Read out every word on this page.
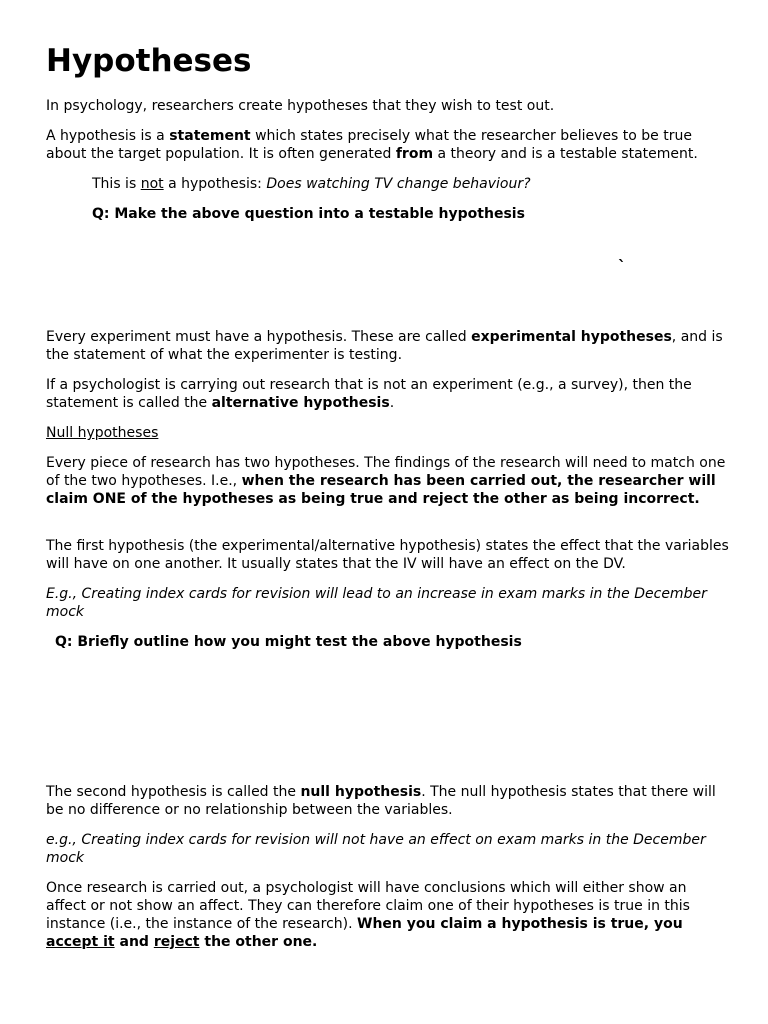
Hypotheses

In psychology, researchers create hypotheses that they wish to test out.

A hypothesis is a statement which states precisely what the researcher believes to be true about the target population. It is often generated from a theory and is a testable statement.

This is not a hypothesis: Does watching TV change behaviour?

Q: Make the above question into a testable hypothesis

`

Every experiment must have a hypothesis. These are called experimental hypotheses, and is the statement of what the experimenter is testing.

If a psychologist is carrying out research that is not an experiment (e.g., a survey), then the statement is called the alternative hypothesis.

Null hypotheses

Every piece of research has two hypotheses. The findings of the research will need to match one of the two hypotheses. I.e., when the research has been carried out, the researcher will claim ONE of the hypotheses as being true and reject the other as being incorrect.

The first hypothesis (the experimental/alternative hypothesis) states the effect that the variables will have on one another. It usually states that the IV will have an effect on the DV.

E.g., Creating index cards for revision will lead to an increase in exam marks in the December mock

Q: Briefly outline how you might test the above hypothesis

The second hypothesis is called the null hypothesis. The null hypothesis states that there will be no difference or no relationship between the variables.

e.g., Creating index cards for revision will not have an effect on exam marks in the December mock

Once research is carried out, a psychologist will have conclusions which will either show an affect or not show an affect. They can therefore claim one of their hypotheses is true in this instance (i.e., the instance of the research). When you claim a hypothesis is true, you accept it and reject the other one.
